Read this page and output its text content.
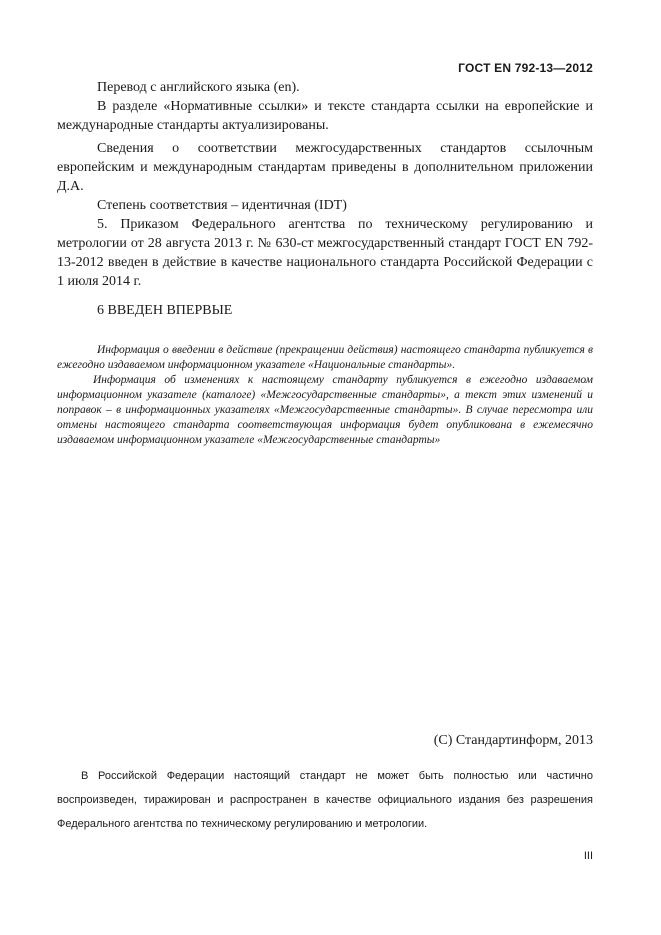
ГОСТ EN 792-13—2012

Перевод с английского языка (en).

В разделе «Нормативные ссылки» и тексте стандарта ссылки на европейские и международные стандарты актуализированы.

Сведения о соответствии межгосударственных стандартов ссылочным европейским и международным стандартам приведены в дополнительном приложении Д.А.

Степень соответствия – идентичная (IDT)

5. Приказом Федерального агентства по техническому регулированию и метрологии от 28 августа 2013 г. № 630-ст межгосударственный стандарт ГОСТ EN 792-13-2012 введен в действие в качестве национального стандарта Российской Федерации с 1 июля 2014 г.

6 ВВЕДЕН ВПЕРВЫЕ

Информация о введении в действие (прекращении действия) настоящего стандарта публикуется в ежегодно издаваемом информационном указателе «Национальные стандарты».

Информация об изменениях к настоящему стандарту публикуется в ежегодно издаваемом информационном указателе (каталоге) «Межгосударственные стандарты», а текст этих изменений и поправок – в информационных указателях «Межгосударственные стандарты». В случае пересмотра или отмены настоящего стандарта соответствующая информация будет опубликована в ежемесячно издаваемом информационном указателе «Межгосударственные стандарты»

(С) Стандартинформ, 2013

В Российской Федерации настоящий стандарт не может быть полностью или частично воспроизведен, тиражирован и распространен в качестве официального издания без разрешения Федерального агентства по техническому регулированию и метрологии.

III
